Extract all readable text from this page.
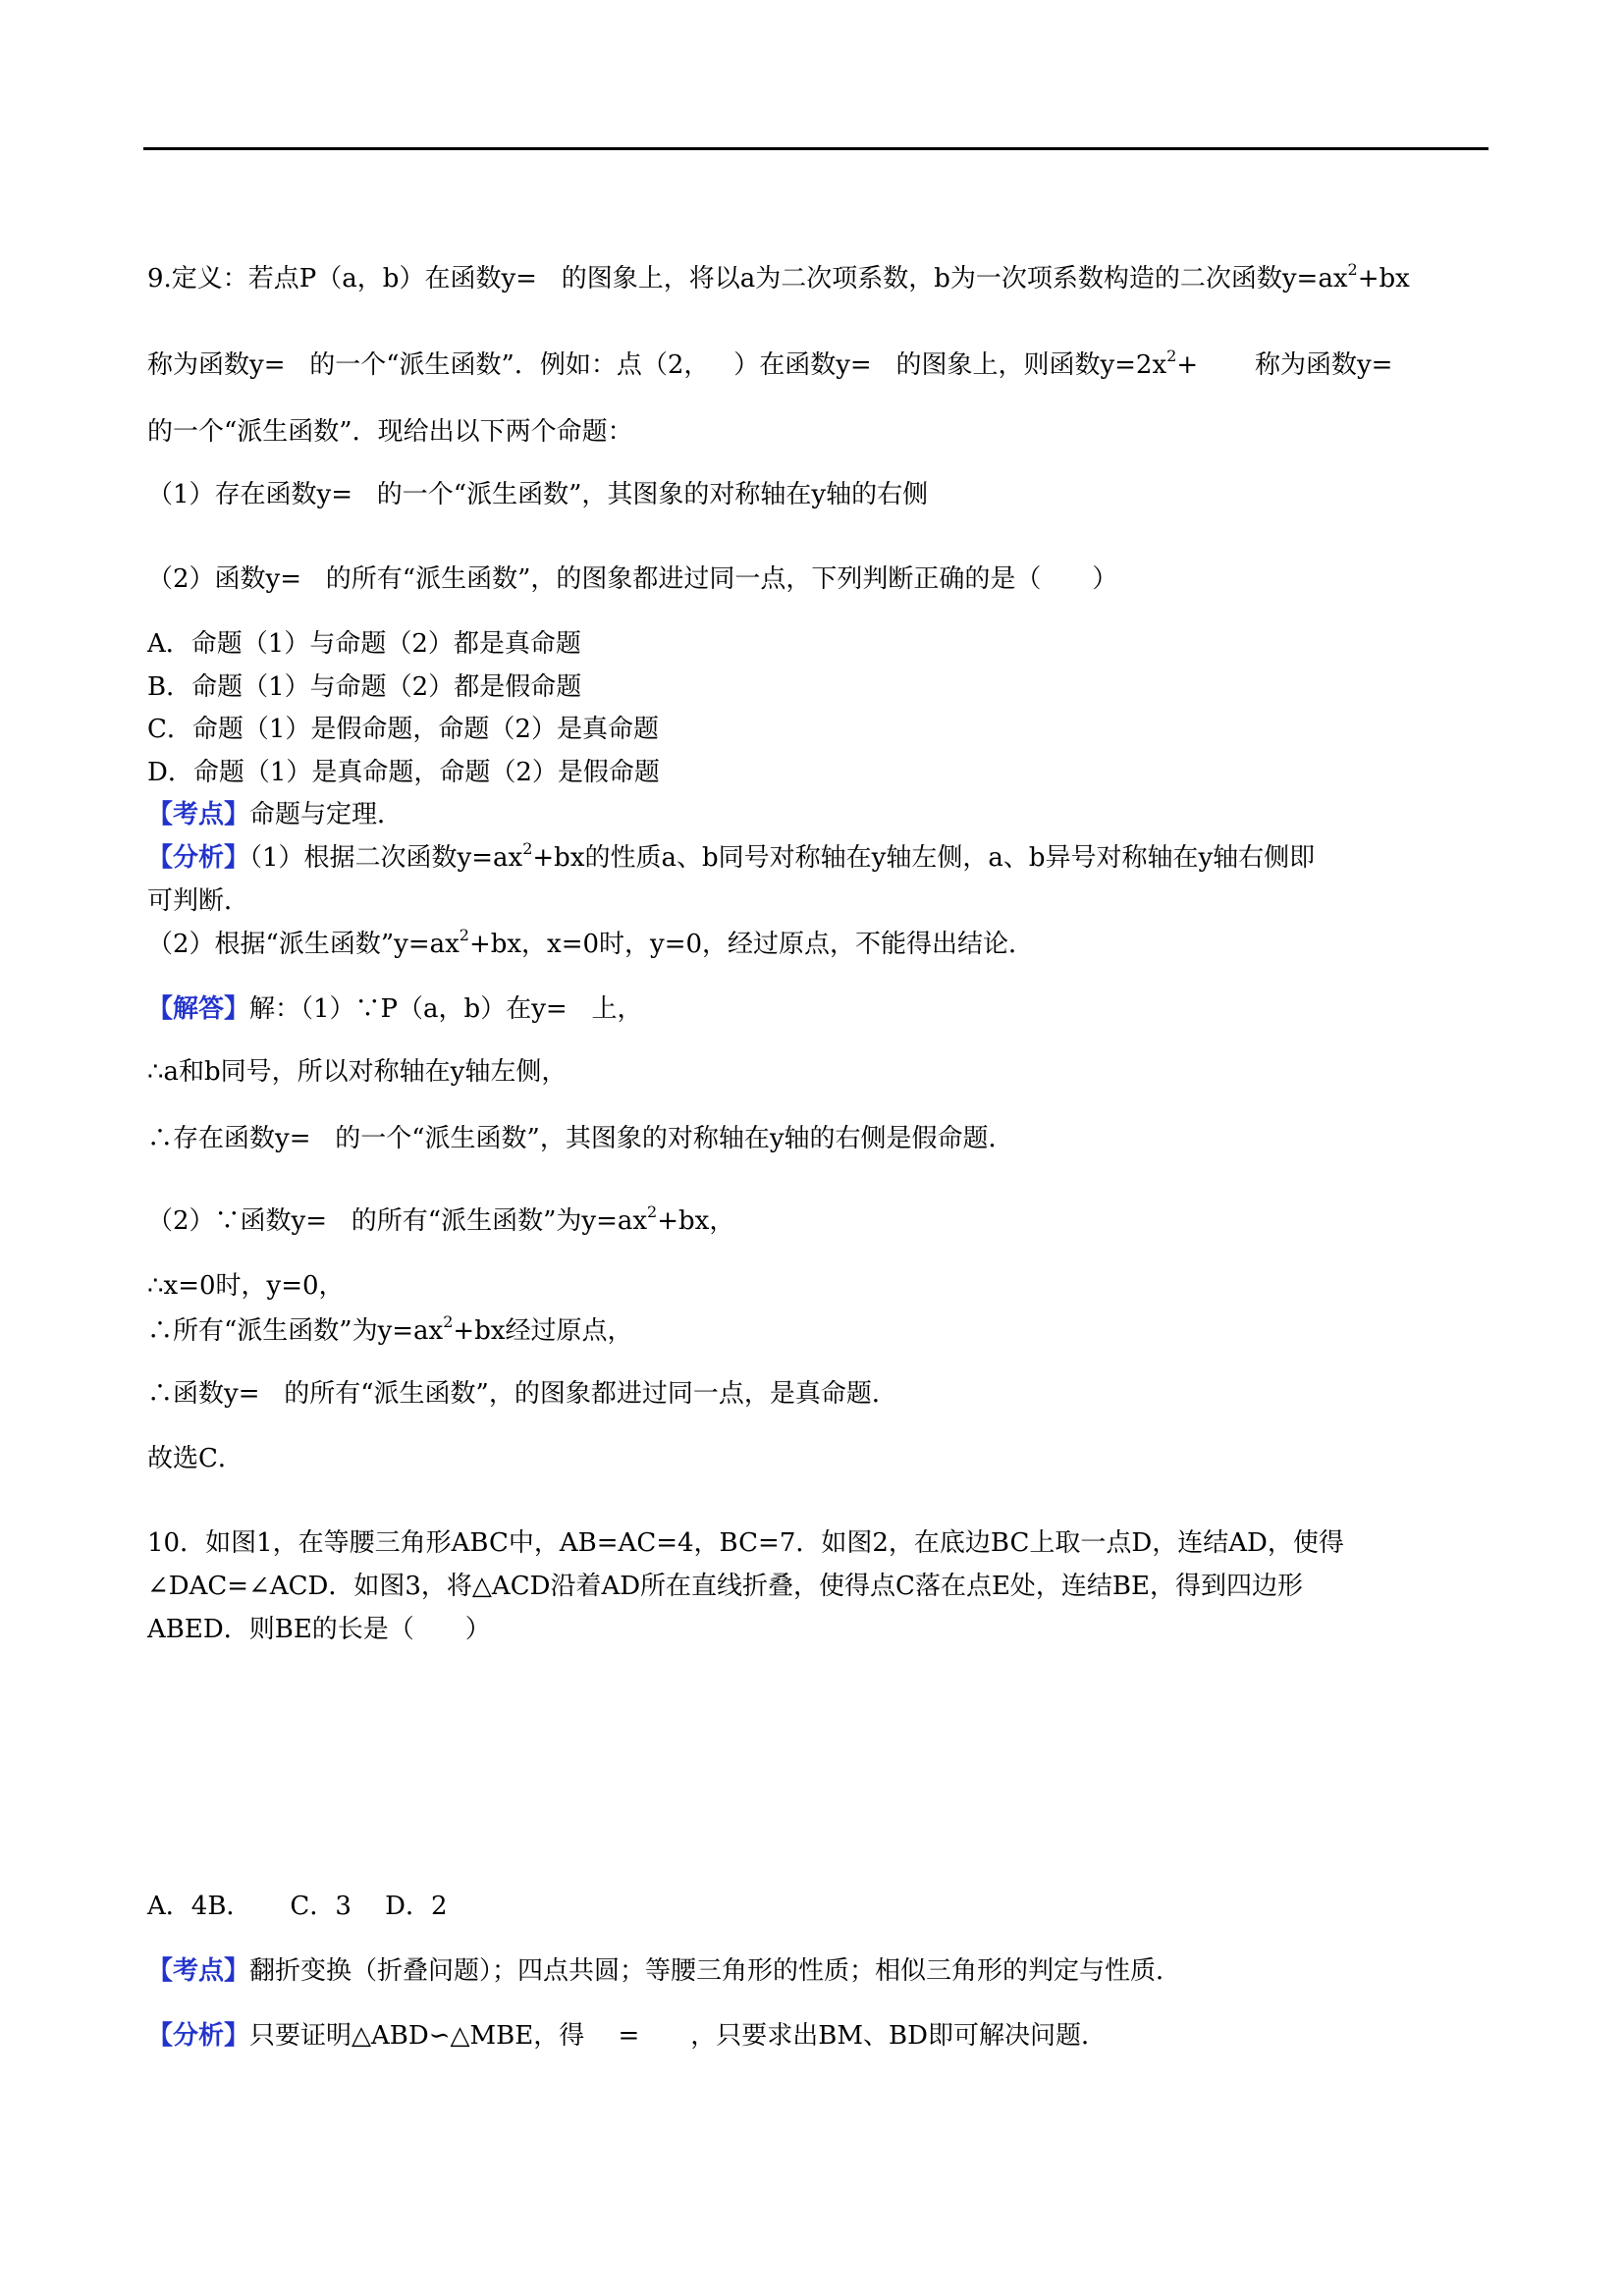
9.定义：若点P（a，b）在函数y=   的图象上，将以a为二次项系数，b为一次项系数构造的二次函数$y=ax^2+bx$
称为函数y=   的一个“派生函数”．例如：点（2，   ）在函数y=   的图象上，则函数$y=2x^2+$       称为函数y=
的一个“派生函数”．现给出以下两个命题：
（1）存在函数y=   的一个“派生函数”，其图象的对称轴在y轴的右侧
（2）函数y=   的所有“派生函数”，的图象都进过同一点，下列判断正确的是（　　）
A．命题（1）与命题（2）都是真命题
B．命题（1）与命题（2）都是假命题
C．命题（1）是假命题，命题（2）是真命题
D．命题（1）是真命题，命题（2）是假命题
【考点】命题与定理．
【分析】（1）根据二次函数$y=ax^2+bx$的性质a、b同号对称轴在y轴左侧，a、b异号对称轴在y轴右侧即
可判断．
（2）根据“派生函数$”y=ax^2+bx$，x=0时，y=0，经过原点，不能得出结论．
【解答】解：（1）∵P（a，b）在y=   上，
∴a和b同号，所以对称轴在y轴左侧，
∴存在函数y=   的一个“派生函数”，其图象的对称轴在y轴的右侧是假命题．
（2）∵函数y=   的所有“派生函数”为$y=ax^2+bx$，
∴x=0时，y=0，
∴所有“派生函数”为$y=ax^2+bx$经过原点，
∴函数y=   的所有“派生函数”，的图象都进过同一点，是真命题．
故选C．
10．如图1，在等腰三角形ABC中，AB=AC=4，BC=7．如图2，在底边BC上取一点D，连结AD，使得
∠DAC=∠ACD．如图3，将△ACD沿着AD所在直线折叠，使得点C落在点E处，连结BE，得到四边形
ABED．则BE的长是（　　）
A．4B．　　C．3　 D．2
【考点】翻折变换（折叠问题）；四点共圆；等腰三角形的性质；相似三角形的判定与性质．
【分析】只要证明△ABD∽△MBE，得　 =　　，只要求出BM、BD即可解决问题．
